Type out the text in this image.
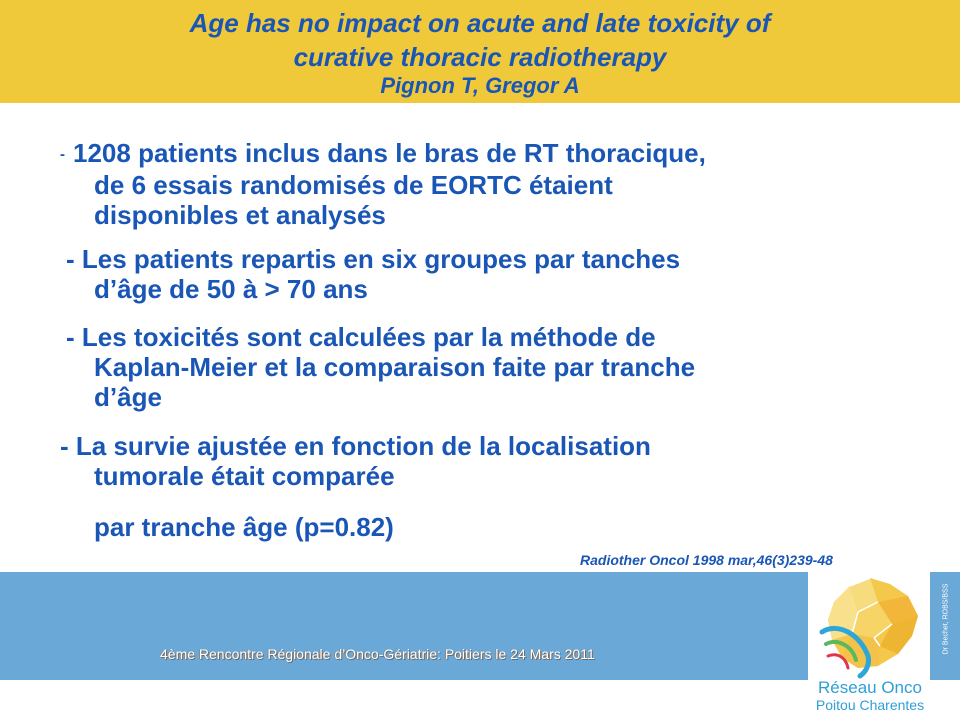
Age has no impact on acute and late toxicity of
curative thoracic radiotherapy
Pignon T, Gregor A
- 1208 patients inclus dans le bras de RT thoracique,
de 6 essais randomisés de EORTC étaient
disponibles et analysés
- Les patients repartis en six groupes par tanches
d’âge de 50 à > 70 ans
- Les toxicités sont calculées par la méthode de
Kaplan-Meier et la comparaison faite par tranche
d’âge
- La survie ajustée en fonction de la localisation
tumorale était comparée
par tranche âge (p=0.82)
Radiother Oncol 1998 mar,46(3)239-48
4ème Rencontre Régionale d’Onco-Gériatrie: Poitiers le 24 Mars 2011
Réseau Onco
Poitou Charentes
Dr Bechet, ROBS/BSS
